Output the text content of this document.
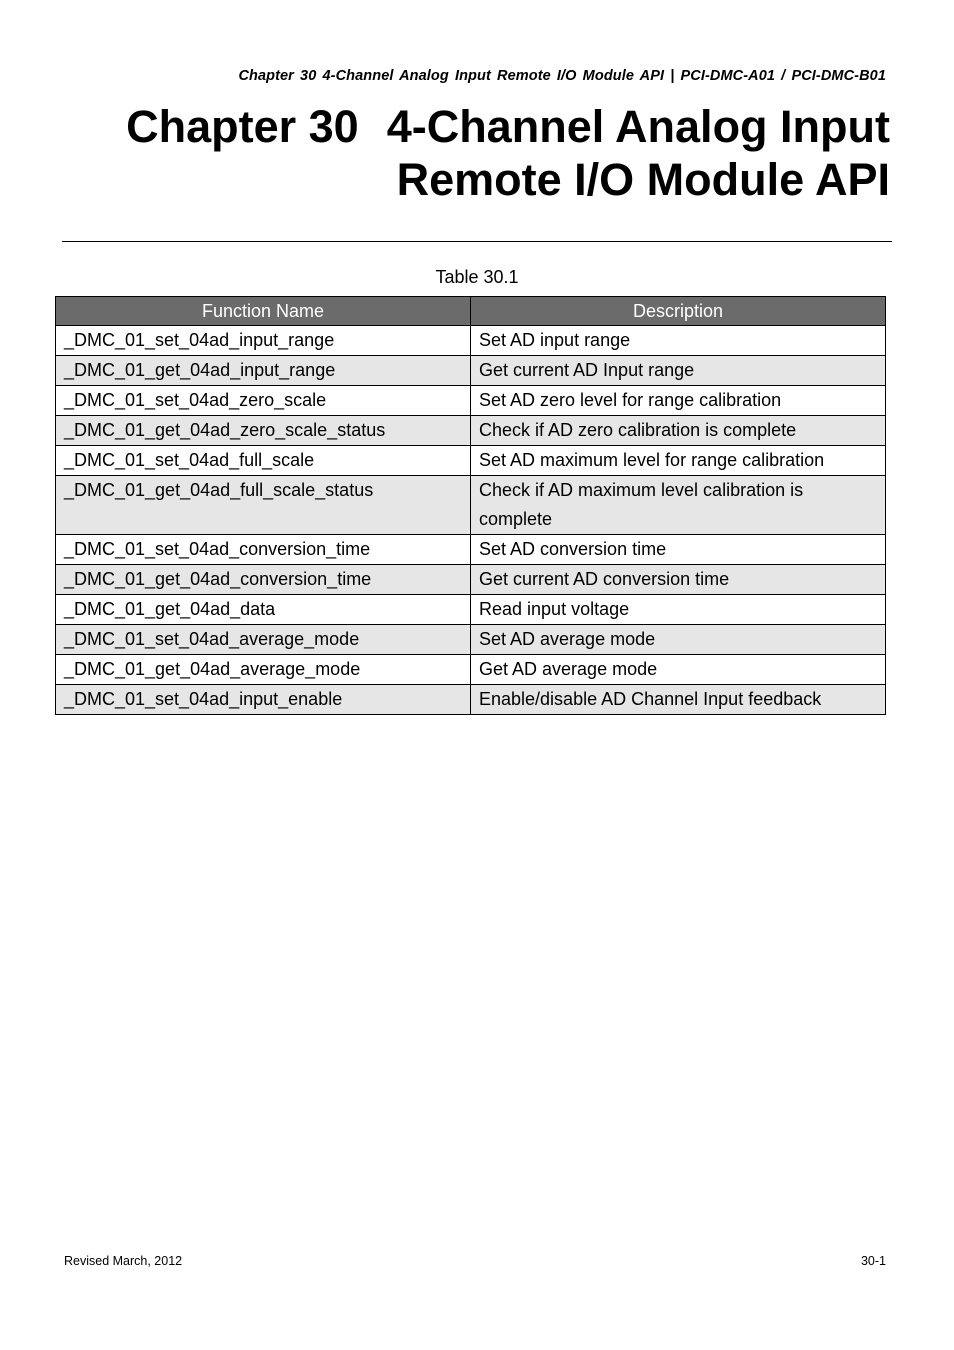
Chapter 30 4-Channel Analog Input Remote I/O Module API | PCI-DMC-A01 / PCI-DMC-B01
Chapter 30 4-Channel Analog Input
Remote I/O Module API
Table 30.1
Function Name	Description
_DMC_01_set_04ad_input_range	Set AD input range
_DMC_01_get_04ad_input_range	Get current AD Input range
_DMC_01_set_04ad_zero_scale	Set AD zero level for range calibration
_DMC_01_get_04ad_zero_scale_status	Check if AD zero calibration is complete
_DMC_01_set_04ad_full_scale	Set AD maximum level for range calibration
_DMC_01_get_04ad_full_scale_status	Check if AD maximum level calibration is complete
_DMC_01_set_04ad_conversion_time	Set AD conversion time
_DMC_01_get_04ad_conversion_time	Get current AD conversion time
_DMC_01_get_04ad_data	Read input voltage
_DMC_01_set_04ad_average_mode	Set AD average mode
_DMC_01_get_04ad_average_mode	Get AD average mode
_DMC_01_set_04ad_input_enable	Enable/disable AD Channel Input feedback
Revised March, 2012	30-1
